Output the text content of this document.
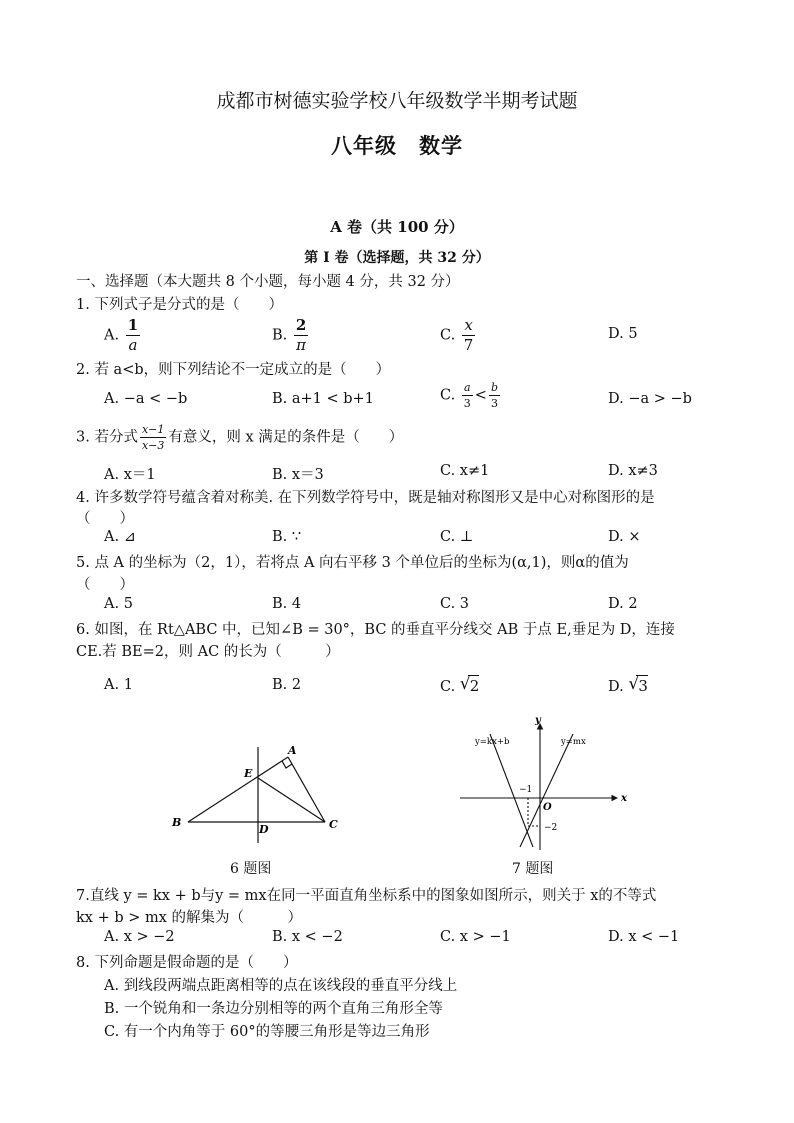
成都市树德实验学校八年级数学半期考试题
八年级　数学
A 卷（共 100 分）
第 I 卷（选择题，共 32 分）
一、选择题（本大题共 8 个小题，每小题 4 分，共 32 分）
1. 下列式子是分式的是（　　）
A. $\frac{1}{a}$	B. $\frac{2}{\pi}$	C. $\frac{x}{7}$	D. 5
2. 若 a<b，则下列结论不一定成立的是（　　）
A. −a < −b	B. a+1 < b+1	C. $\frac{a}{3} < \frac{b}{3}$	D. −a > −b
3. 若分式 $\frac{x-1}{x-3}$ 有意义，则 x 满足的条件是（　　）
A. x＝1	B. x＝3	C. x≠1	D. x≠3
4. 许多数学符号蕴含着对称美. 在下列数学符号中，既是轴对称图形又是中心对称图形的是
（　　）
A. ⊿	B. ∵	C. ⊥	D. ×
5. 点 A 的坐标为（2，1），若将点 A 向右平移 3 个单位后的坐标为(α,1)，则α的值为
（　　）
A. 5	B. 4	C. 3	D. 2
6. 如图，在 Rt△ABC 中，已知∠B = 30°，BC 的垂直平分线交 AB 于点 E,垂足为 D，连接
CE.若 BE=2，则 AC 的长为（　　　）
A. 1	B. 2	C. √ 2	D. √ 3
A
B	C
D
E
6 题图
y=kx+b	y=mx
x
y
O
−1
−2
7 题图
7.直线 y = kx + b与y = mx在同一平面直角坐标系中的图象如图所示，则关于 x的不等式
kx + b > mx 的解集为（　　　）
A. x > −2	B. x < −2	C. x > −1	D. x < −1
8. 下列命题是假命题的是（　　）
A. 到线段两端点距离相等的点在该线段的垂直平分线上
B. 一个锐角和一条边分别相等的两个直角三角形全等
C. 有一个内角等于 60°的等腰三角形是等边三角形
